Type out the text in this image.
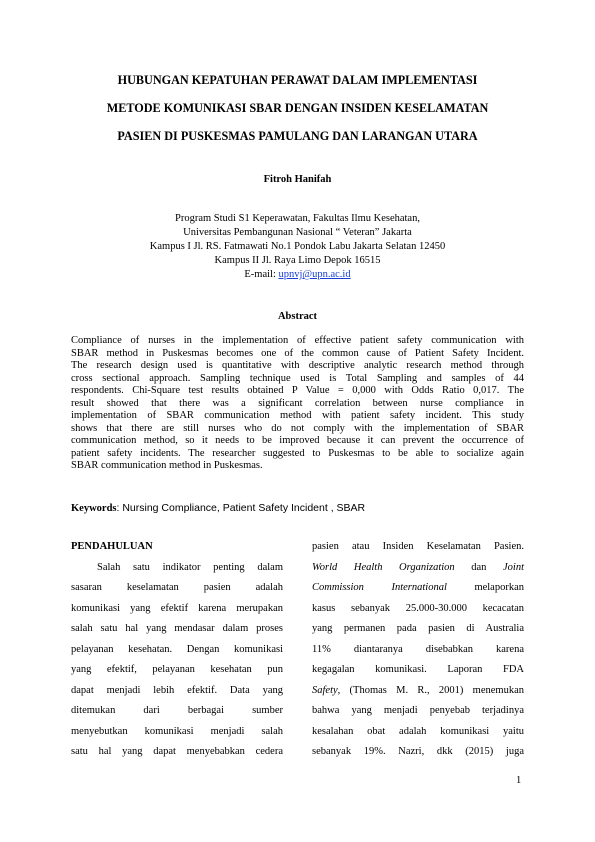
HUBUNGAN KEPATUHAN PERAWAT DALAM IMPLEMENTASI
METODE KOMUNIKASI SBAR DENGAN INSIDEN KESELAMATAN
PASIEN DI PUSKESMAS PAMULANG DAN LARANGAN UTARA
Fitroh Hanifah
Program Studi S1 Keperawatan, Fakultas Ilmu Kesehatan,
Universitas Pembangunan Nasional “ Veteran” Jakarta
Kampus I Jl. RS. Fatmawati No.1 Pondok Labu Jakarta Selatan 12450
Kampus II Jl. Raya Limo Depok 16515
E-mail: upnvj@upn.ac.id
Abstract
Compliance of nurses in the implementation of effective patient safety communication with
SBAR method in Puskesmas becomes one of the common cause of Patient Safety Incident.
The research design used is quantitative with descriptive analytic research method through
cross sectional approach. Sampling technique used is Total Sampling and samples of 44
respondents. Chi-Square test results obtained P Value = 0,000 with Odds Ratio 0,017. The
result showed that there was a significant correlation between nurse compliance in
implementation of SBAR communication method with patient safety incident. This study
shows that there are still nurses who do not comply with the implementation of SBAR
communication method, so it needs to be improved because it can prevent the occurrence of
patient safety incidents. The researcher suggested to Puskesmas to be able to socialize again
SBAR communication method in Puskesmas.
Keywords: Nursing Compliance, Patient Safety Incident , SBAR
PENDAHULUAN
Salah satu indikator penting dalam
sasaran keselamatan pasien adalah
komunikasi yang efektif karena merupakan
salah satu hal yang mendasar dalam proses
pelayanan kesehatan. Dengan komunikasi
yang efektif, pelayanan kesehatan pun
dapat menjadi lebih efektif. Data yang
ditemukan dari berbagai sumber
menyebutkan komunikasi menjadi salah
satu hal yang dapat menyebabkan cedera
pasien atau Insiden Keselamatan Pasien.
World Health Organization dan Joint
Commission International melaporkan
kasus sebanyak 25.000-30.000 kecacatan
yang permanen pada pasien di Australia
11% diantaranya disebabkan karena
kegagalan komunikasi. Laporan FDA
Safety, (Thomas M. R., 2001) menemukan
bahwa yang menjadi penyebab terjadinya
kesalahan obat adalah komunikasi yaitu
sebanyak 19%. Nazri, dkk (2015) juga
1
